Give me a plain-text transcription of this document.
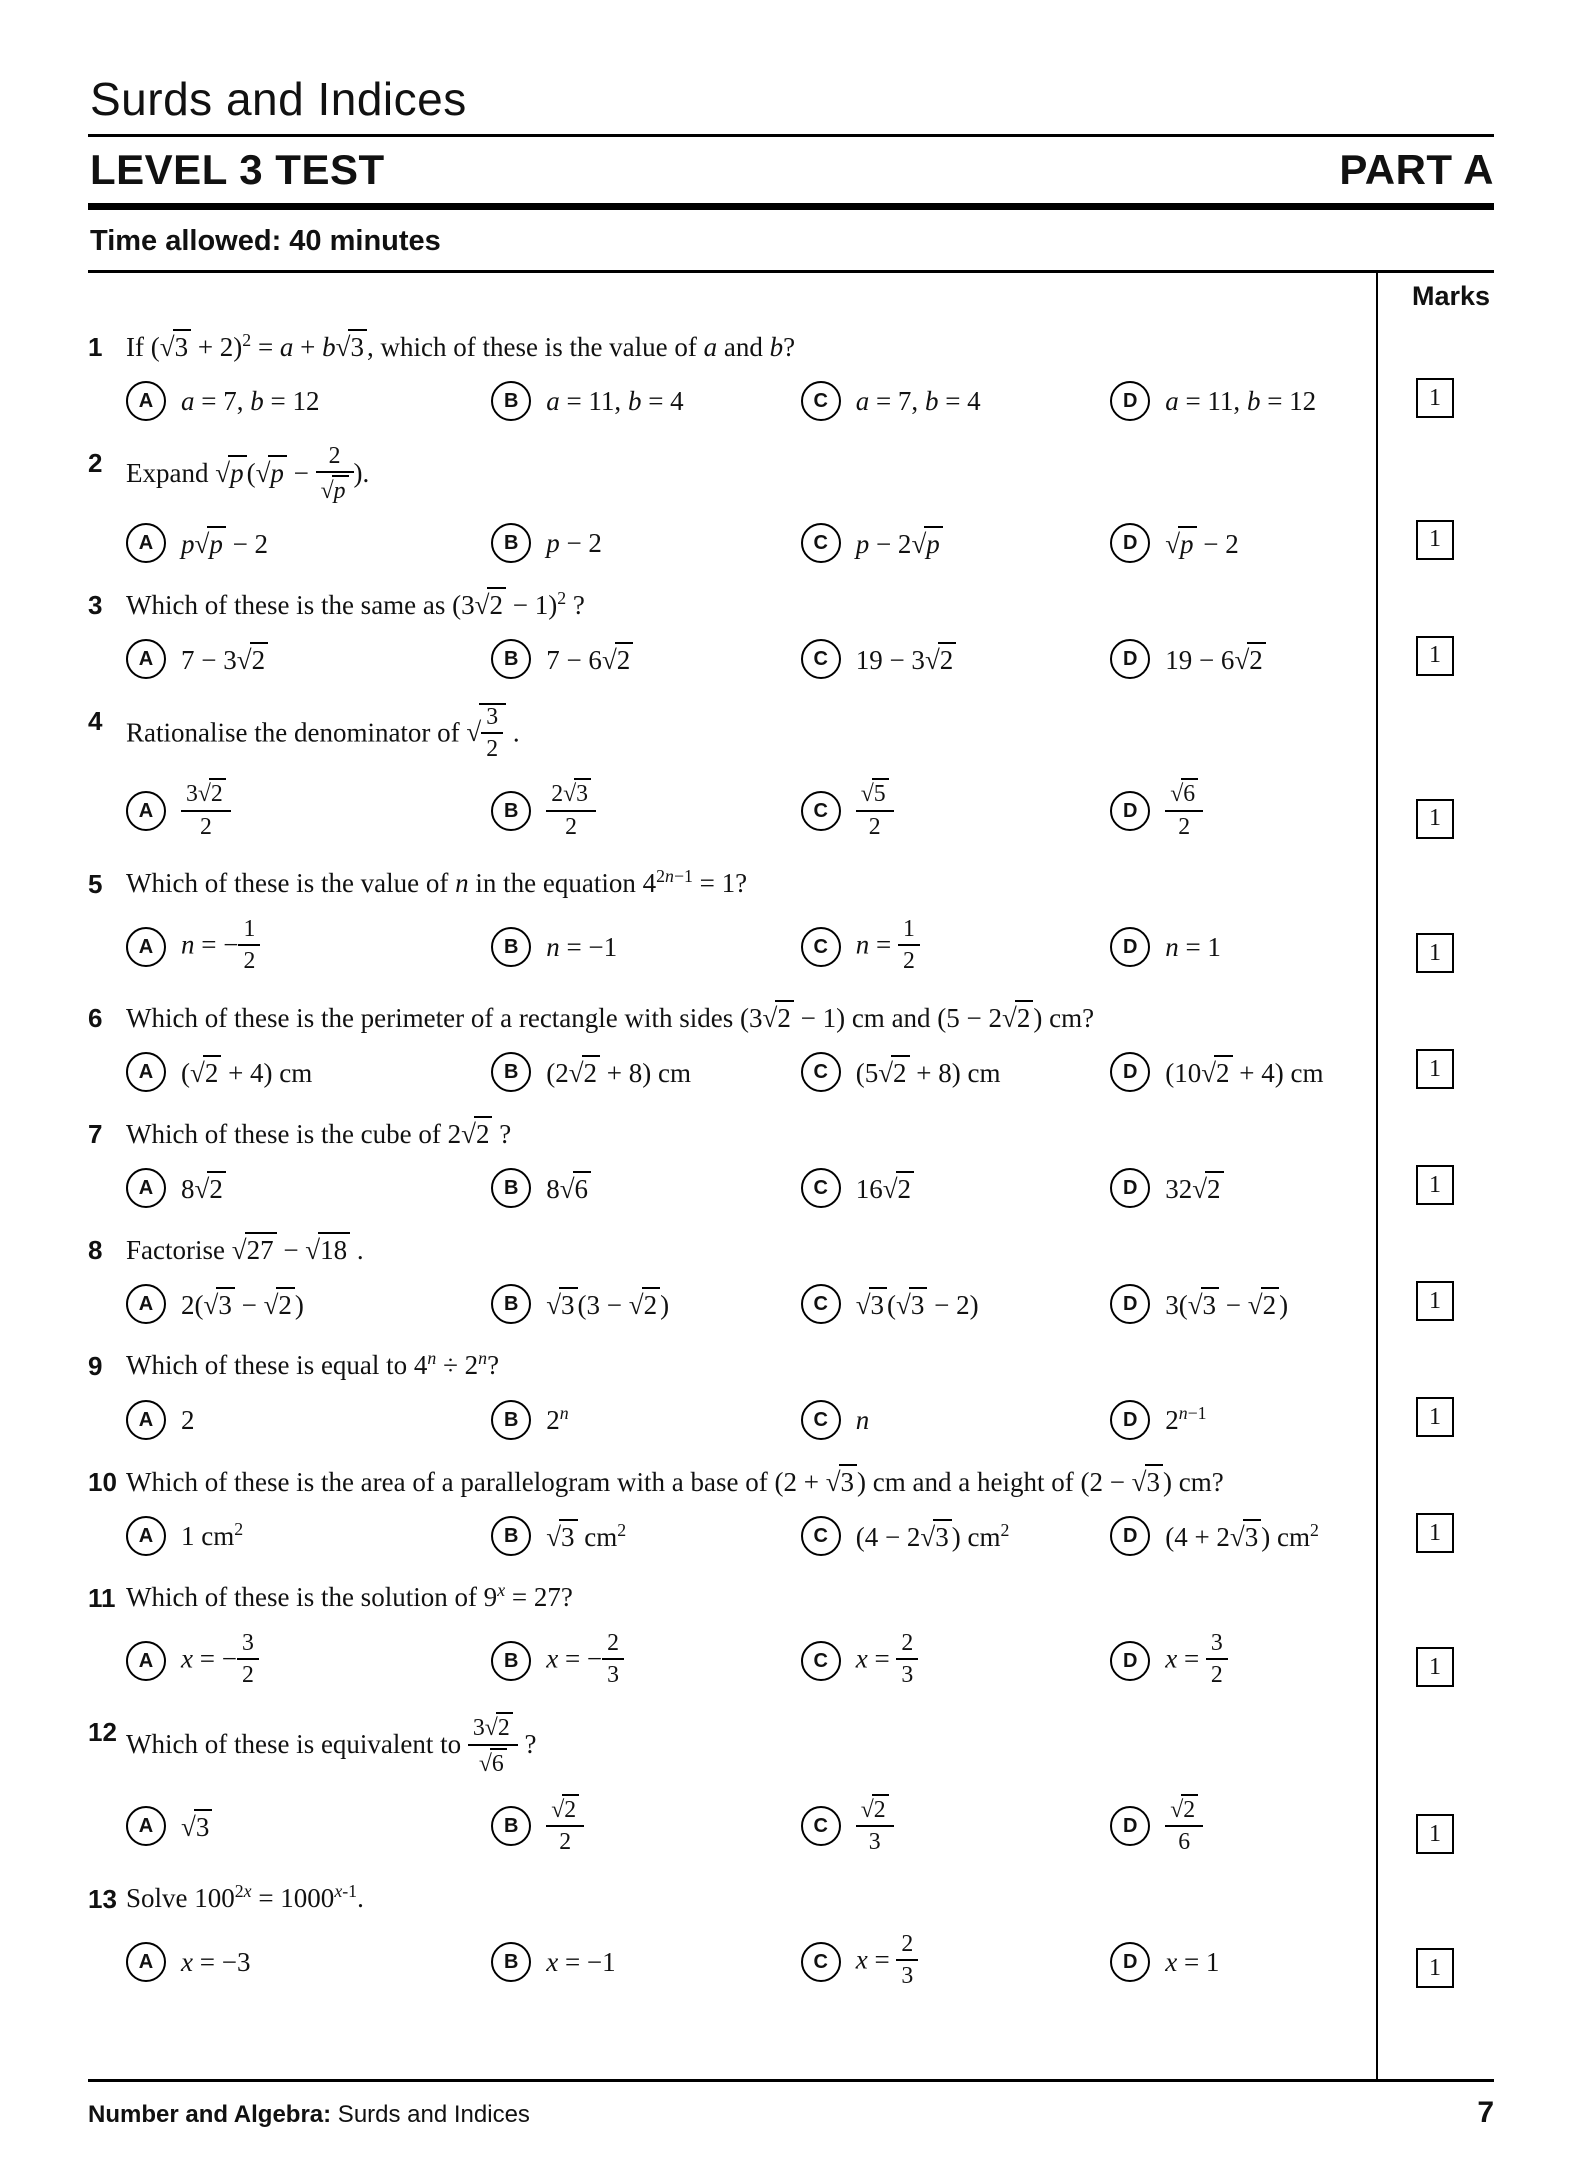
Surds and Indices
LEVEL 3 TEST	PART A
Time allowed: 40 minutes
Marks
1 If $(√3 + 2)^2 = a + b√3$ , which of these is the value of a and b?
A a = 7, b = 12	B a = 11, b = 4	C a = 7, b = 4	D a = 11, b = 12	1
2 Expand √p ($√p - \frac{2}{√p}$ ).
A p√p − 2	B p − 2	C p − 2√p	D √p − 2	1
3 Which of these is the same as $(3√2 - 1)^2$ ?
A 7 − 3√2	B 7 − 6√2	C 19 − 3√2	D 19 − 6√2	1
4 Rationalise the denominator of √ $\frac{3}{2}$ .
A $\frac{3√2}{2}$	B $\frac{2√3}{2}$	C $\frac{√5}{2}$	D $\frac{√6}{2}$	1
5 Which of these is the value of n in the equation $4^{2n-1} = 1$?
A n = − $\frac{1}{2}$	B n = −1	C $n = \frac{1}{2}$	D n = 1	1
6 Which of these is the perimeter of a rectangle with sides (3√2 − 1) cm and (5 − 2√2 ) cm?
A (√2 + 4) cm	B (2√2 + 8) cm	C (5√2 + 8) cm	D (10√2 + 4) cm	1
7 Which of these is the cube of 2√2 ?
A 8√2	B 8√6	C 16√2	D 32√2	1
8 Factorise √27 − √18 .
A 2(√3 − √2 )	B √3 (3 − √2 )	C √3 (√3 − 2)	D 3(√3 − √2 )	1
9 Which of these is equal to $4^n \div 2^n$?
A 2	B 2$^n$	C n	D $2^{n-1}$	1
10 Which of these is the area of a parallelogram with a base of (2 + √3 ) cm and a height of (2 − √3 ) cm?
A 1 $cm^2$	B √3 $cm^2$	C (4 − 2√3 ) $cm^2$	D (4 + 2√3 ) $cm^2$	1
11 Which of these is the solution of $9^x = 27$?
A x = − $\frac{3}{2}$	B x = − $\frac{2}{3}$	C $x = \frac{2}{3}$	D $x = \frac{3}{2}$	1
12 Which of these is equivalent to $\frac{3√2}{√6}$ ?
A √3	B $\frac{√2}{2}$	C $\frac{√2}{3}$	D $\frac{√2}{6}$	1
13 Solve $100^{2x} = 1000^{x-1}$.
A x = −3	B x = −1	C $x = \frac{2}{3}$	D x = 1	1
Number and Algebra: Surds and Indices	7
